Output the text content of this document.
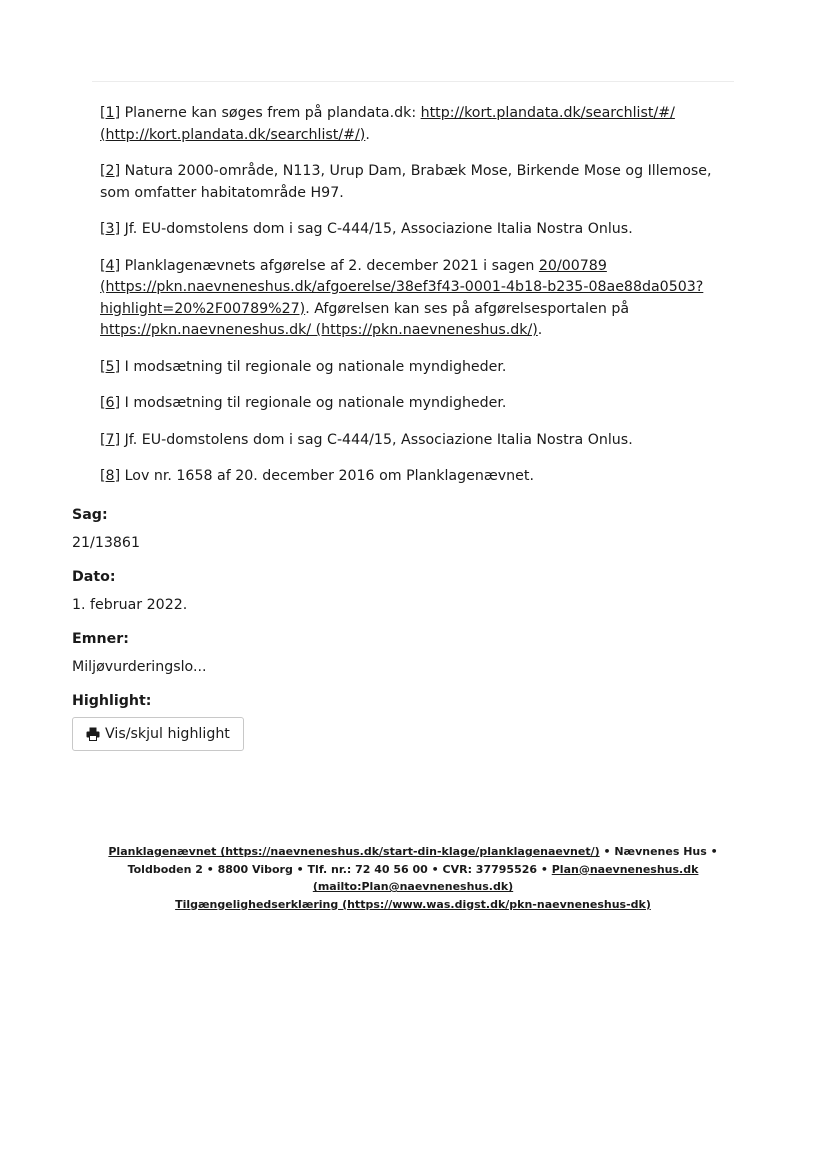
[1] Planerne kan søges frem på plandata.dk: http://kort.plandata.dk/searchlist/#/ (http://kort.plandata.dk/searchlist/#/).

[2] Natura 2000-område, N113, Urup Dam, Brabæk Mose, Birkende Mose og Illemose, som omfatter habitatområde H97.

[3] Jf. EU-domstolens dom i sag C-444/15, Associazione Italia Nostra Onlus.

[4] Planklagenævnets afgørelse af 2. december 2021 i sagen 20/00789 (https://pkn.naevneneshus.dk/afgoerelse/38ef3f43-0001-4b18-b235-08ae88da0503?highlight=20%2F00789%27). Afgørelsen kan ses på afgørelsesportalen på https://pkn.naevneneshus.dk/ (https://pkn.naevneneshus.dk/).

[5] I modsætning til regionale og nationale myndigheder.

[6] I modsætning til regionale og nationale myndigheder.

[7] Jf. EU-domstolens dom i sag C-444/15, Associazione Italia Nostra Onlus.

[8] Lov nr. 1658 af 20. december 2016 om Planklagenævnet.

Sag:
21/13861
Dato:
1. februar 2022.
Emner:
Miljøvurderingslo...
Highlight:
Vis/skjul highlight
Planklagenævnet (https://naevneneshus.dk/start-din-klage/planklagenaevnet/) • Nævnenes Hus • Toldboden 2 • 8800 Viborg • Tlf. nr.: 72 40 56 00 • CVR: 37795526 • Plan@naevneneshus.dk (mailto:Plan@naevneneshus.dk)
Tilgængelighedserklæring (https://www.was.digst.dk/pkn-naevneneshus-dk)
